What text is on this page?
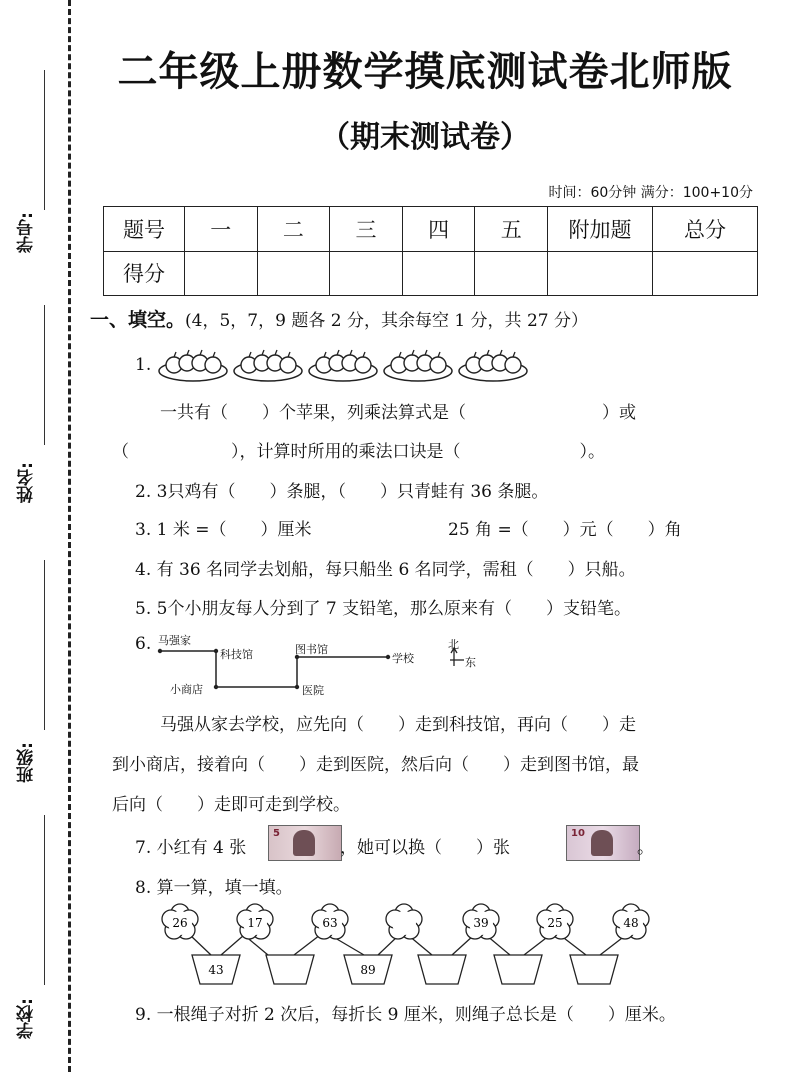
学号:
姓名:
班级:
学校:
二年级上册数学摸底测试卷北师版
（期末测试卷）
时间：60分钟 满分：100+10分
题号	一	二	三	四	五	附加题	总分
得分							
一、填空。(4，5，7，9 题各 2 分，其余每空 1 分，共 27 分）
1.
一共有（　　）个苹果，列乘法算式是（　　　　　　　　）或
（　　　　　　），计算时所用的乘法口诀是（　　　　　　　）。
2. 3只鸡有（　　）条腿，（　　）只青蛙有 36 条腿。
3. 1 米 =（　　）厘米	25 角 =（　　）元（　　）角
4. 有 36 名同学去划船，每只船坐 6 名同学，需租（　　）只船。
5. 5个小朋友每人分到了 7 支铅笔，那么原来有（　　）支铅笔。
6. 马强家
科技馆	图书馆
学校
小商店	医院
北
东
马强从家去学校，应先向（　　）走到科技馆，再向（　　）走
到小商店，接着向（　　）走到医院，然后向（　　）走到图书馆，最
后向（　　）走即可走到学校。
7. 小红有 4 张
5
，她可以换（　　）张
10
。
8. 算一算，填一填。
26	17	63	39	25	48
43	89
9. 一根绳子对折 2 次后，每折长 9 厘米，则绳子总长是（　　）厘米。
